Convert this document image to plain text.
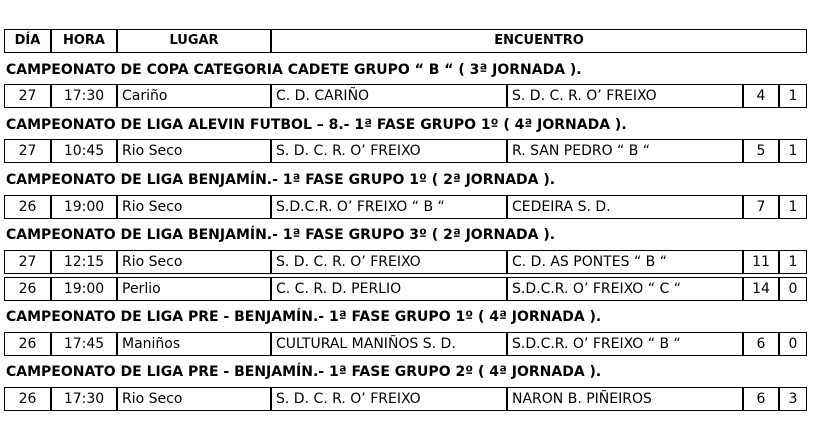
DÍA	HORA	LUGAR	ENCUENTRO
CAMPEONATO DE COPA CATEGORIA CADETE GRUPO “ B “ ( 3ª JORNADA ).
27	17:30	Cariño	C. D. CARIÑO	S. D. C. R. O’ FREIXO	4	1
CAMPEONATO DE LIGA ALEVIN FUTBOL – 8.- 1ª FASE GRUPO 1º ( 4ª JORNADA ).
27	10:45	Rio Seco	S. D. C. R. O’ FREIXO	R. SAN PEDRO “ B “	5	1
CAMPEONATO DE LIGA BENJAMÍN.- 1ª FASE GRUPO 1º ( 2ª JORNADA ).
26	19:00	Rio Seco	S.D.C.R. O’ FREIXO “ B “	CEDEIRA S. D.	7	1
CAMPEONATO DE LIGA BENJAMÍN.- 1ª FASE GRUPO 3º ( 2ª JORNADA ).
27	12:15	Rio Seco	S. D. C. R. O’ FREIXO	C. D. AS PONTES “ B “	11	1
26	19:00	Perlio	C. C. R. D. PERLIO	S.D.C.R. O’ FREIXO “ C “	14	0
CAMPEONATO DE LIGA PRE - BENJAMÍN.- 1ª FASE GRUPO 1º ( 4ª JORNADA ).
26	17:45	Maniños	CULTURAL MANIÑOS S. D.	S.D.C.R. O’ FREIXO “ B “	6	0
CAMPEONATO DE LIGA PRE - BENJAMÍN.- 1ª FASE GRUPO 2º ( 4ª JORNADA ).
26	17:30	Rio Seco	S. D. C. R. O’ FREIXO	NARON B. PIÑEIROS	6	3
